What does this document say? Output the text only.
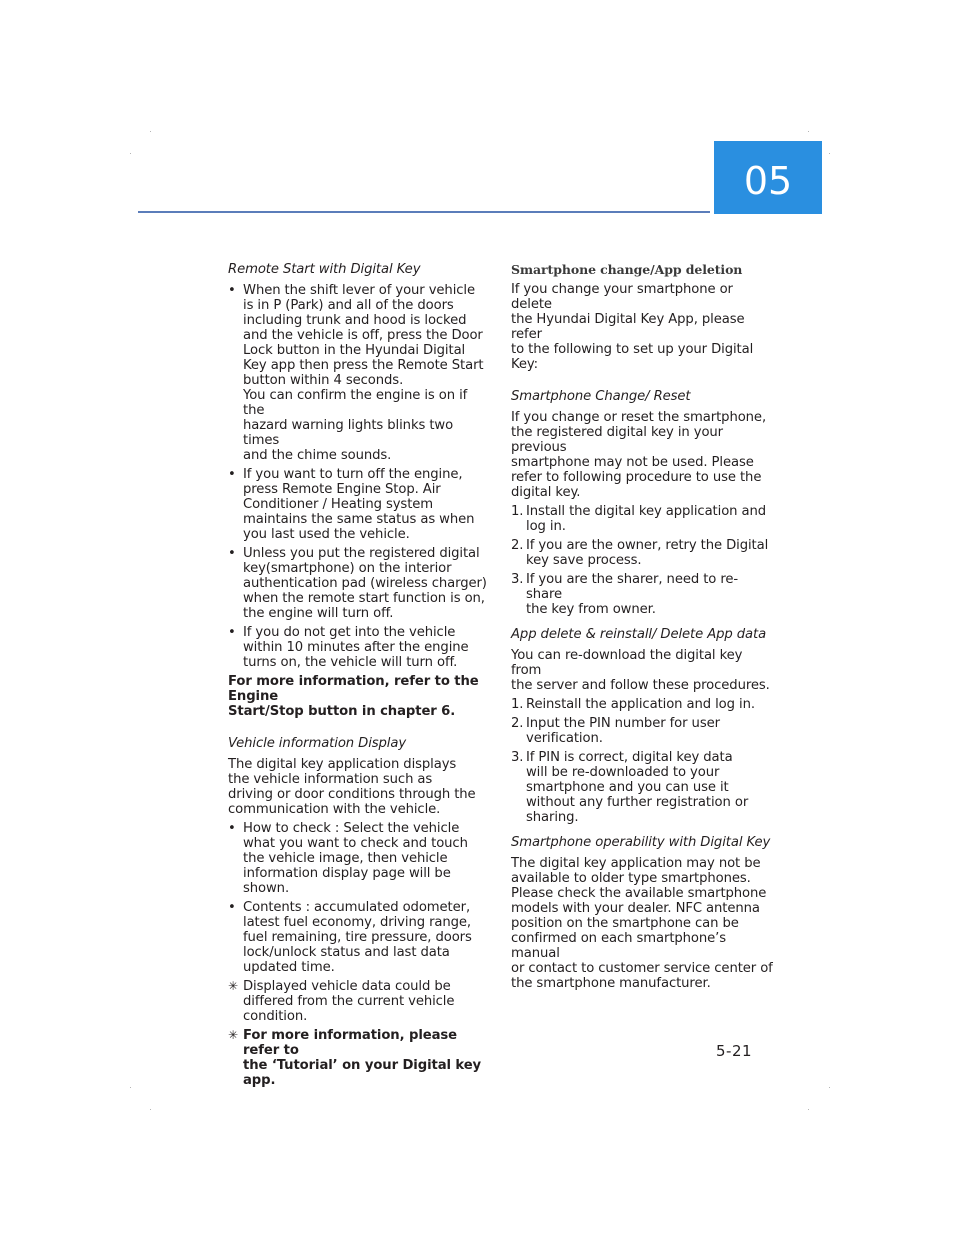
05
Remote Start with Digital Key
• When the shift lever of your vehicle
is in P (Park) and all of the doors
including trunk and hood is locked
and the vehicle is off, press the Door
Lock button in the Hyundai Digital
Key app then press the Remote Start
button within 4 seconds.
You can confirm the engine is on if the
hazard warning lights blinks two times
and the chime sounds.
• If you want to turn off the engine,
press Remote Engine Stop. Air
Conditioner / Heating system
maintains the same status as when
you last used the vehicle.
• Unless you put the registered digital
key(smartphone) on the interior
authentication pad (wireless charger)
when the remote start function is on,
the engine will turn off.
• If you do not get into the vehicle
within 10 minutes after the engine
turns on, the vehicle will turn off.

For more information, refer to the Engine
Start/Stop button in chapter 6.

Vehicle information Display

The digital key application displays
the vehicle information such as
driving or door conditions through the
communication with the vehicle.

• How to check : Select the vehicle
what you want to check and touch
the vehicle image, then vehicle
information display page will be
shown.
• Contents : accumulated odometer,
latest fuel economy, driving range,
fuel remaining, tire pressure, doors
lock/unlock status and last data
updated time.
✳ Displayed vehicle data could be
differed from the current vehicle
condition.
✳ For more information, please refer to
the ‘Tutorial’ on your Digital key app.
Smartphone change/App deletion

If you change your smartphone or delete
the Hyundai Digital Key App, please refer
to the following to set up your Digital
Key:

Smartphone Change/ Reset

If you change or reset the smartphone,
the registered digital key in your previous
smartphone may not be used. Please
refer to following procedure to use the
digital key.

1. Install the digital key application and
log in.
2. If you are the owner, retry the Digital
key save process.
3. If you are the sharer, need to re-share
the key from owner.
App delete & reinstall/ Delete App data

You can re-download the digital key from
the server and follow these procedures.

1. Reinstall the application and log in.
2. Input the PIN number for user
verification.
3. If PIN is correct, digital key data
will be re-downloaded to your
smartphone and you can use it
without any further registration or
sharing.
Smartphone operability with Digital Key

The digital key application may not be
available to older type smartphones.
Please check the available smartphone
models with your dealer. NFC antenna
position on the smartphone can be
confirmed on each smartphone’s manual
or contact to customer service center of
the smartphone manufacturer.

5-21
